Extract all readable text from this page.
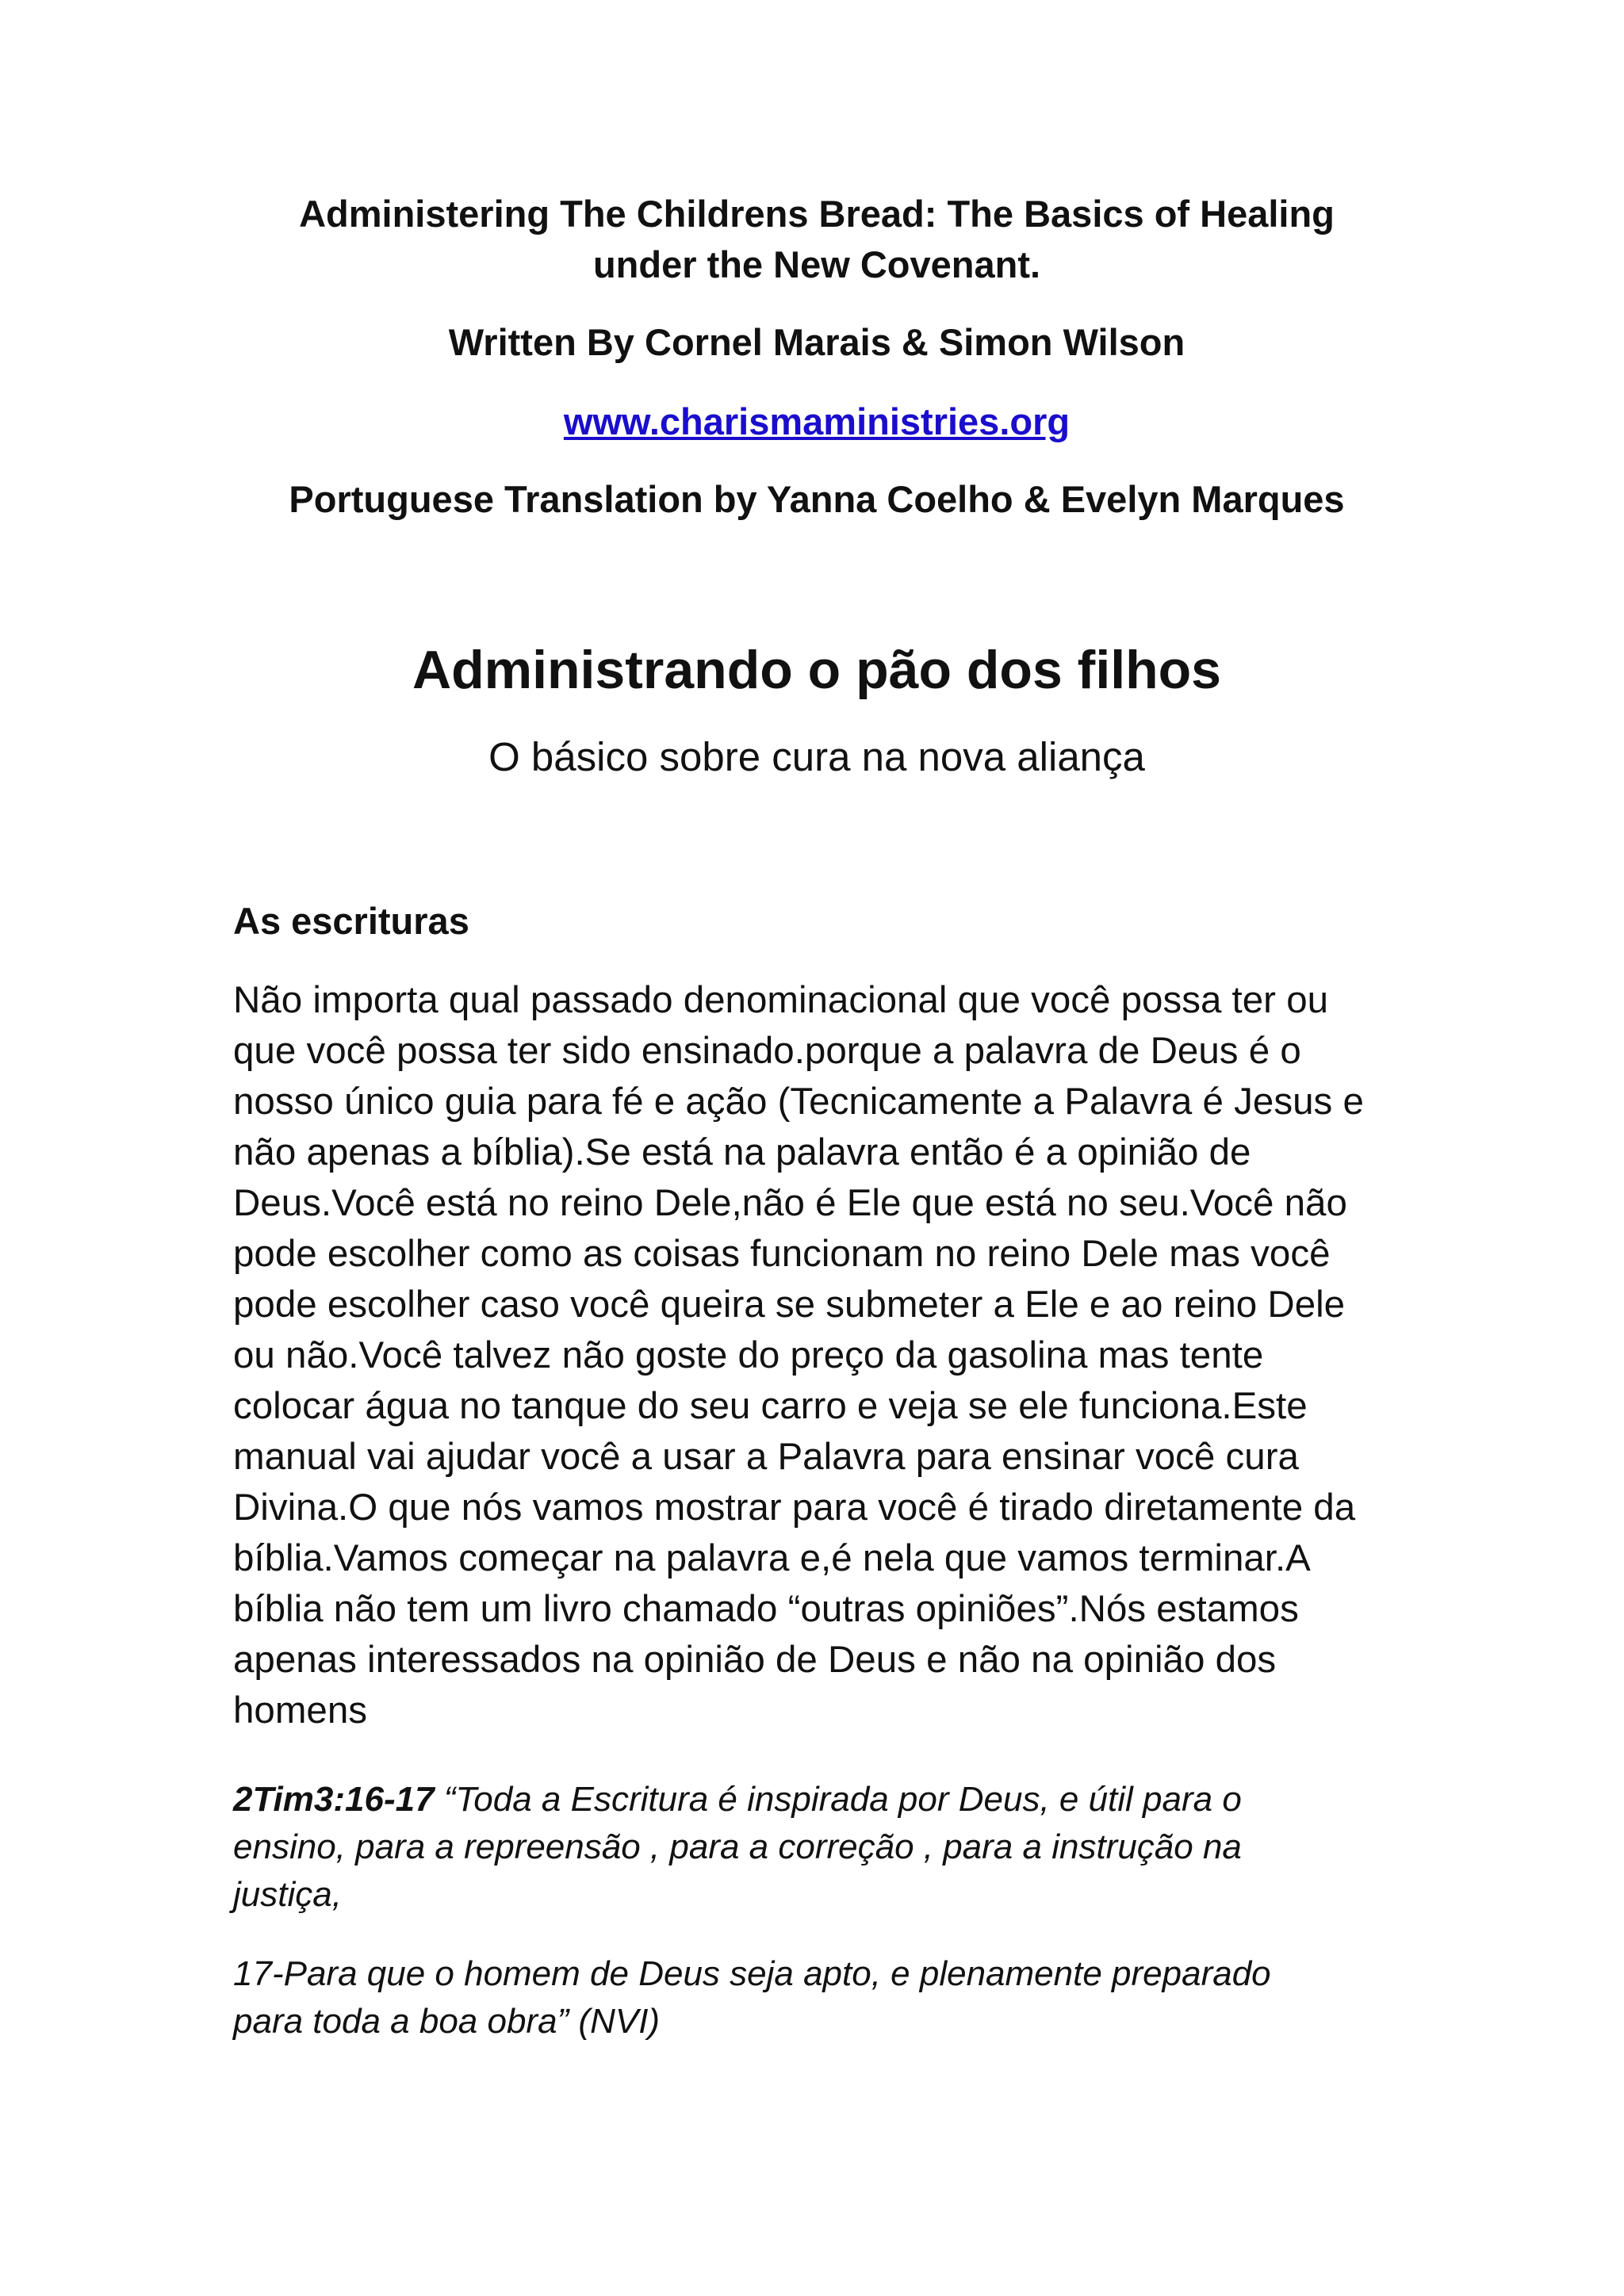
Administering The Childrens Bread: The Basics of Healing
under the New Covenant.
Written By Cornel Marais & Simon Wilson
www.charismaministries.org
Portuguese Translation by Yanna Coelho & Evelyn Marques
Administrando o pão dos filhos
O básico sobre cura na nova aliança
As escrituras
Não importa qual passado denominacional que você possa ter ou
que você possa ter sido ensinado.porque a palavra de Deus é o
nosso único guia para fé e ação (Tecnicamente a Palavra é Jesus e
não apenas a bíblia).Se está na palavra então é a opinião de
Deus.Você está no reino Dele,não é Ele que está no seu.Você não
pode escolher como as coisas funcionam no reino Dele mas você
pode escolher caso você queira se submeter a Ele e ao reino Dele
ou não.Você talvez não goste do preço da gasolina mas tente
colocar água no tanque do seu carro e veja se ele funciona.Este
manual vai ajudar você a usar a Palavra para ensinar você cura
Divina.O que nós vamos mostrar para você é tirado diretamente da
bíblia.Vamos começar na palavra e,é nela que vamos terminar.A
bíblia não tem um livro chamado “outras opiniões”.Nós estamos
apenas interessados na opinião de Deus e não na opinião dos
homens
2Tim3:16-17 “Toda a Escritura é inspirada por Deus, e útil para o
ensino, para a repreensão , para a correção , para a instrução na
justiça,
17-Para que o homem de Deus seja apto, e plenamente preparado
para toda a boa obra” (NVI)
